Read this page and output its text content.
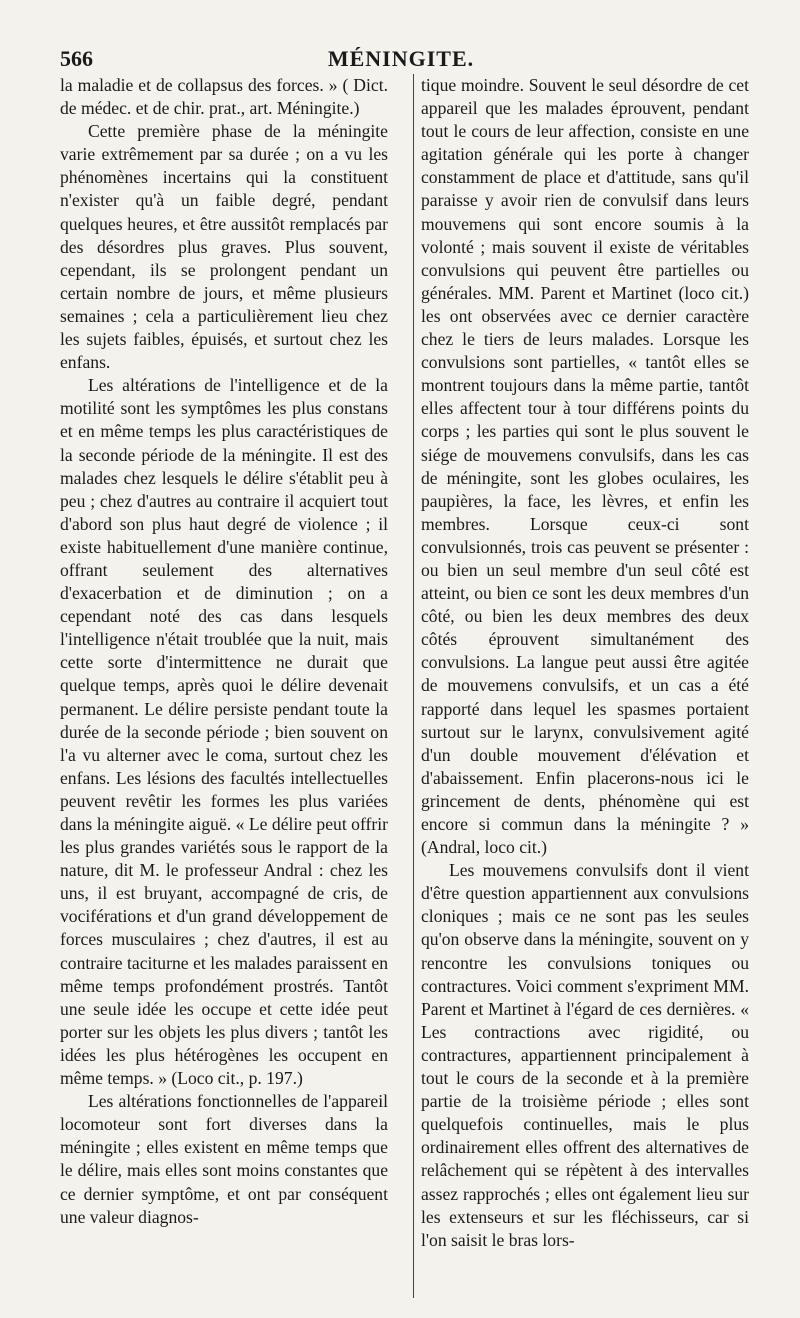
566	MÉNINGITE.

la maladie et de collapsus des forces. » ( Dict. de médec. et de chir. prat., art. Méningite.)

Cette première phase de la méningite varie extrêmement par sa durée ; on a vu les phénomènes incertains qui la constituent n'exister qu'à un faible degré, pendant quelques heures, et être aussitôt remplacés par des désordres plus graves. Plus souvent, cependant, ils se prolongent pendant un certain nombre de jours, et même plusieurs semaines ; cela a particulièrement lieu chez les sujets faibles, épuisés, et surtout chez les enfans.

Les altérations de l'intelligence et de la motilité sont les symptômes les plus constans et en même temps les plus caractéristiques de la seconde période de la méningite. Il est des malades chez lesquels le délire s'établit peu à peu ; chez d'autres au contraire il acquiert tout d'abord son plus haut degré de violence ; il existe habituellement d'une manière continue, offrant seulement des alternatives d'exacerbation et de diminution ; on a cependant noté des cas dans lesquels l'intelligence n'était troublée que la nuit, mais cette sorte d'intermittence ne durait que quelque temps, après quoi le délire devenait permanent. Le délire persiste pendant toute la durée de la seconde période ; bien souvent on l'a vu alterner avec le coma, surtout chez les enfans. Les lésions des facultés intellectuelles peuvent revêtir les formes les plus variées dans la méningite aiguë. « Le délire peut offrir les plus grandes variétés sous le rapport de la nature, dit M. le professeur Andral : chez les uns, il est bruyant, accompagné de cris, de vociférations et d'un grand développement de forces musculaires ; chez d'autres, il est au contraire taciturne et les malades paraissent en même temps profondément prostrés. Tantôt une seule idée les occupe et cette idée peut porter sur les objets les plus divers ; tantôt les idées les plus hétérogènes les occupent en même temps. » (Loco cit., p. 197.)

Les altérations fonctionnelles de l'appareil locomoteur sont fort diverses dans la méningite ; elles existent en même temps que le délire, mais elles sont moins constantes que ce dernier symptôme, et ont par conséquent une valeur diagnos-

tique moindre. Souvent le seul désordre de cet appareil que les malades éprouvent, pendant tout le cours de leur affection, consiste en une agitation générale qui les porte à changer constamment de place et d'attitude, sans qu'il paraisse y avoir rien de convulsif dans leurs mouvemens qui sont encore soumis à la volonté ; mais souvent il existe de véritables convulsions qui peuvent être partielles ou générales. MM. Parent et Martinet (loco cit.) les ont observées avec ce dernier caractère chez le tiers de leurs malades. Lorsque les convulsions sont partielles, « tantôt elles se montrent toujours dans la même partie, tantôt elles affectent tour à tour différens points du corps ; les parties qui sont le plus souvent le siége de mouvemens convulsifs, dans les cas de méningite, sont les globes oculaires, les paupières, la face, les lèvres, et enfin les membres. Lorsque ceux-ci sont convulsionnés, trois cas peuvent se présenter : ou bien un seul membre d'un seul côté est atteint, ou bien ce sont les deux membres d'un côté, ou bien les deux membres des deux côtés éprouvent simultanément des convulsions. La langue peut aussi être agitée de mouvemens convulsifs, et un cas a été rapporté dans lequel les spasmes portaient surtout sur le larynx, convulsivement agité d'un double mouvement d'élévation et d'abaissement. Enfin placerons-nous ici le grincement de dents, phénomène qui est encore si commun dans la méningite ? » (Andral, loco cit.)

Les mouvemens convulsifs dont il vient d'être question appartiennent aux convulsions cloniques ; mais ce ne sont pas les seules qu'on observe dans la méningite, souvent on y rencontre les convulsions toniques ou contractures. Voici comment s'expriment MM. Parent et Martinet à l'égard de ces dernières. « Les contractions avec rigidité, ou contractures, appartiennent principalement à tout le cours de la seconde et à la première partie de la troisième période ; elles sont quelquefois continuelles, mais le plus ordinairement elles offrent des alternatives de relâchement qui se répètent à des intervalles assez rapprochés ; elles ont également lieu sur les extenseurs et sur les fléchisseurs, car si l'on saisit le bras lors-
